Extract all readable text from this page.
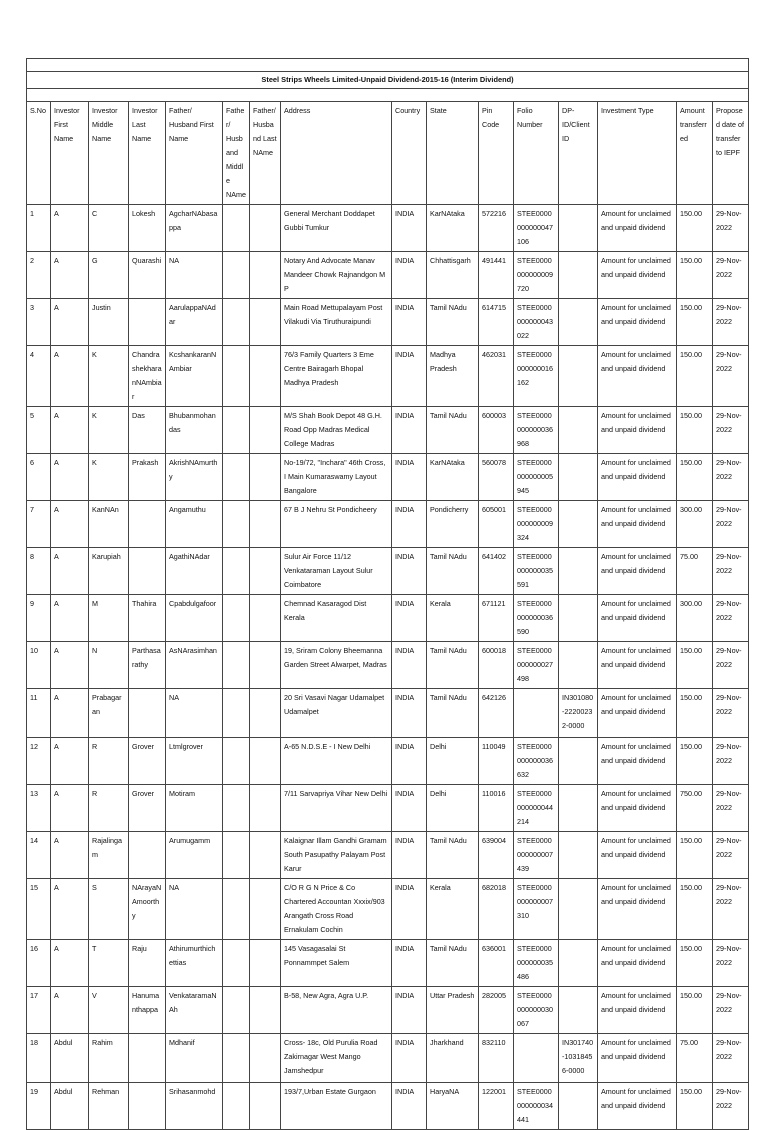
Steel Strips Wheels Limited-Unpaid Dividend-2015-16 (Interim Dividend)															

S.No	Investor First Name	Investor Middle Name	Investor Last Name	Father/ Husband First Name	Father/ Husband Middle NAme	Father/ Husband Last NAme	Address	Country	State	Pin Code	Folio Number	DP-ID/Client ID	Investment Type	Amount transferred	Proposed date of transfer to IEPF
1	A	C	Lokesh	AgcharNAbasappa			General Merchant Doddapet Gubbi Tumkur	INDIA	KarNAtaka	572216	STEE0000000000047106		Amount for unclaimed and unpaid dividend	150.00	29-Nov-2022
2	A	G	Quarashi	NA			Notary And Advocate Manav Mandeer Chowk Rajnandgon M P	INDIA	Chhattisgarh	491441	STEE0000000000009720		Amount for unclaimed and unpaid dividend	150.00	29-Nov-2022
3	A	Justin		AarulappaNAdar			Main Road Mettupalayam Post Vilakudi Via Tiruthuraipundi	INDIA	Tamil NAdu	614715	STEE0000000000043022		Amount for unclaimed and unpaid dividend	150.00	29-Nov-2022
4	A	K	ChandrashekharanNAmbiar	KcshankaranNAmbiar			76/3 Family Quarters 3 Eme Centre Bairagarh Bhopal Madhya Pradesh	INDIA	Madhya Pradesh	462031	STEE0000000000016162		Amount for unclaimed and unpaid dividend	150.00	29-Nov-2022
5	A	K	Das	Bhubanmohandas			M/S Shah Book Depot 48 G.H. Road Opp Madras Medical College Madras	INDIA	Tamil NAdu	600003	STEE0000000000036968		Amount for unclaimed and unpaid dividend	150.00	29-Nov-2022
6	A	K	Prakash	AkrishNAmurthy			No-19/72, "Inchara" 46th Cross, I Main Kumaraswamy Layout Bangalore	INDIA	KarNAtaka	560078	STEE0000000000005945		Amount for unclaimed and unpaid dividend	150.00	29-Nov-2022
7	A	KanNAn		Angamuthu			67 B J Nehru St Pondicheery	INDIA	Pondicherry	605001	STEE0000000000009324		Amount for unclaimed and unpaid dividend	300.00	29-Nov-2022
8	A	Karupiah		AgathiNAdar			Sulur Air Force 11/12 Venkataraman Layout Sulur Coimbatore	INDIA	Tamil NAdu	641402	STEE0000000000035591		Amount for unclaimed and unpaid dividend	75.00	29-Nov-2022
9	A	M	Thahira	Cpabdulgafoor			Chemnad Kasaragod Dist Kerala	INDIA	Kerala	671121	STEE0000000000036590		Amount for unclaimed and unpaid dividend	300.00	29-Nov-2022
10	A	N	Parthasarathy	AsNArasimhan			19, Sriram Colony Bheemanna Garden Street Alwarpet, Madras	INDIA	Tamil NAdu	600018	STEE0000000000027498		Amount for unclaimed and unpaid dividend	150.00	29-Nov-2022
11	A	Prabagaran		NA			20 Sri Vasavi Nagar Udamalpet Udamalpet	INDIA	Tamil NAdu	642126		IN301080-22200232-0000	Amount for unclaimed and unpaid dividend	150.00	29-Nov-2022
12	A	R	Grover	Ltmlgrover			A-65 N.D.S.E - I New Delhi	INDIA	Delhi	110049	STEE0000000000036632		Amount for unclaimed and unpaid dividend	150.00	29-Nov-2022
13	A	R	Grover	Motiram			7/11 Sarvapriya Vihar New Delhi	INDIA	Delhi	110016	STEE0000000000044214		Amount for unclaimed and unpaid dividend	750.00	29-Nov-2022
14	A	Rajalingam		Arumugamm			Kalaignar Illam Gandhi Gramam South Pasupathy Palayam Post Karur	INDIA	Tamil NAdu	639004	STEE0000000000007439		Amount for unclaimed and unpaid dividend	150.00	29-Nov-2022
15	A	S	NArayaNAmoorthy	NA			C/O R G N Price & Co Chartered Accountan Xxxix/903 Arangath Cross Road Ernakulam Cochin	INDIA	Kerala	682018	STEE0000000000007310		Amount for unclaimed and unpaid dividend	150.00	29-Nov-2022
16	A	T	Raju	Athirumurthichettias			145 Vasagasalai St Ponnammpet Salem	INDIA	Tamil NAdu	636001	STEE0000000000035486		Amount for unclaimed and unpaid dividend	150.00	29-Nov-2022
17	A	V	Hanumanthappa	VenkataramaNAh			B-58, New Agra, Agra U.P.	INDIA	Uttar Pradesh	282005	STEE0000000000030067		Amount for unclaimed and unpaid dividend	150.00	29-Nov-2022
18	Abdul	Rahim		Mdhanif			Cross- 18c, Old Purulia Road Zakirnagar West Mango Jamshedpur	INDIA	Jharkhand	832110		IN301740-10318456-0000	Amount for unclaimed and unpaid dividend	75.00	29-Nov-2022
19	Abdul	Rehman		Srihasanmohd			193/7,Urban Estate Gurgaon	INDIA	HaryaNA	122001	STEE0000000000034441		Amount for unclaimed and unpaid dividend	150.00	29-Nov-2022
